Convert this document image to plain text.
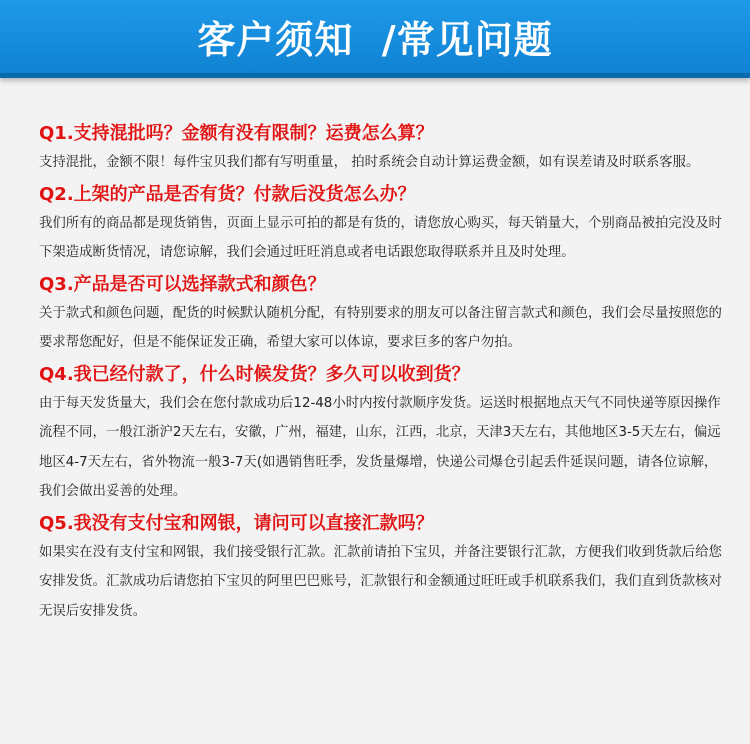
客户须知  /常见问题
Q1.支持混批吗？金额有没有限制？运费怎么算？
支持混批，金额不限！每件宝贝我们都有写明重量， 拍时系统会自动计算运费金额，如有误差请及时联系客服。
Q2.上架的产品是否有货？付款后没货怎么办？
我们所有的商品都是现货销售，页面上显示可拍的都是有货的，请您放心购买，每天销量大，个别商品被拍完没及时下架造成断货情况，请您谅解，我们会通过旺旺消息或者电话跟您取得联系并且及时处理。
Q3.产品是否可以选择款式和颜色？
关于款式和颜色问题，配货的时候默认随机分配，有特别要求的朋友可以备注留言款式和颜色，我们会尽量按照您的要求帮您配好，但是不能保证发正确，希望大家可以体谅，要求巨多的客户勿拍。
Q4.我已经付款了，什么时候发货？多久可以收到货？
由于每天发货量大，我们会在您付款成功后12-48小时内按付款顺序发货。运送时根据地点天气不同快递等原因操作流程不同，一般江浙沪2天左右，安徽，广州，福建，山东，江西，北京，天津3天左右，其他地区3-5天左右，偏远地区4-7天左右，省外物流一般3-7天(如遇销售旺季，发货量爆增，快递公司爆仓引起丢件延误问题，请各位谅解，我们会做出妥善的处理。
Q5.我没有支付宝和网银，请问可以直接汇款吗？
如果实在没有支付宝和网银，我们接受银行汇款。汇款前请拍下宝贝，并备注要银行汇款，方便我们收到货款后给您安排发货。汇款成功后请您拍下宝贝的阿里巴巴账号，汇款银行和金额通过旺旺或手机联系我们，我们直到货款核对无误后安排发货。
